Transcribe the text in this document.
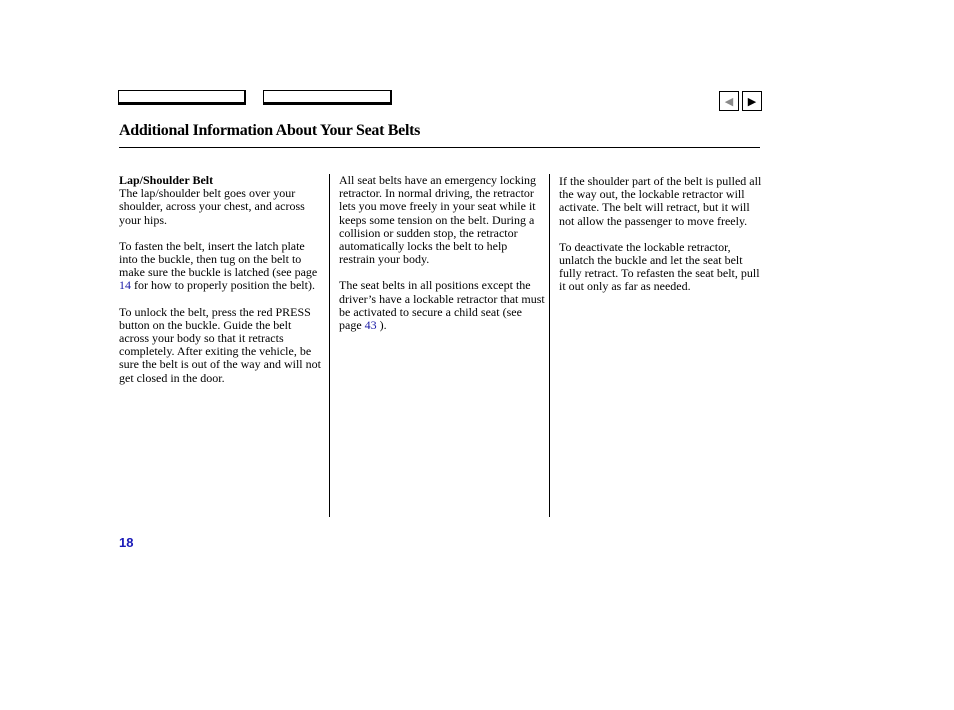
◀ ▶
Additional Information About Your Seat Belts
Lap/Shoulder Belt

The lap/shoulder belt goes over your shoulder, across your chest, and across your hips.

To fasten the belt, insert the latch plate into the buckle, then tug on the belt to make sure the buckle is latched (see page 14 for how to properly position the belt).

To unlock the belt, press the red PRESS button on the buckle. Guide the belt across your body so that it retracts completely. After exiting the vehicle, be sure the belt is out of the way and will not get closed in the door.

All seat belts have an emergency locking retractor. In normal driving, the retractor lets you move freely in your seat while it keeps some tension on the belt. During a collision or sudden stop, the retractor automatically locks the belt to help restrain your body.

The seat belts in all positions except the driver’s have a lockable retractor that must be activated to secure a child seat (see page 43 ).

If the shoulder part of the belt is pulled all the way out, the lockable retractor will activate. The belt will retract, but it will not allow the passenger to move freely.

To deactivate the lockable retractor, unlatch the buckle and let the seat belt fully retract. To refasten the seat belt, pull it out only as far as needed.

18
